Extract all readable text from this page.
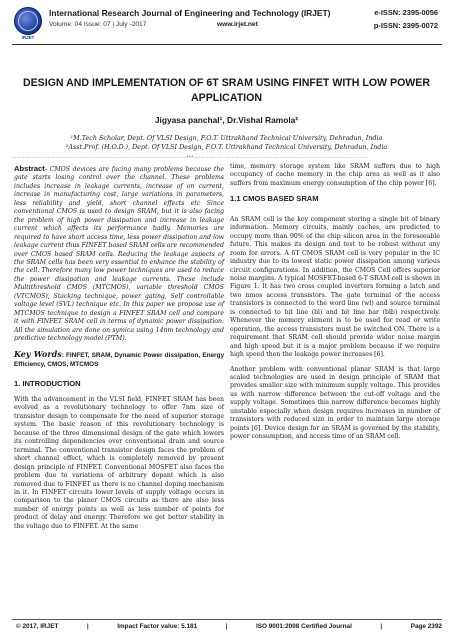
IRJET
International Research Journal of Engineering and Technology (IRJET)	e-ISSN: 2395-0056
Volume: 04 Issue: 07 | July -2017	www.irjet.net	p-ISSN: 2395-0072
DESIGN AND IMPLEMENTATION OF 6T SRAM USING FINFET WITH LOW POWER APPLICATION
Jigyasa panchal¹, Dr.Vishal Ramola²
¹M.Tech Scholar, Dept. Of VLSI Design, F.O.T. Uttrakhand Technical University, Dehradun, India
²Asst.Prof. (H.O.D.), Dept. Of VLSI Design, F.O.T. Uttrakhand Technical University, Dehradun, India
---------------------------------------------------------------------***---------------------------------------------------------------------

Abstract- CMOS devices are facing many problems because the gate starts losing control over the channel. These problems includes increase in leakage currents, increase of on current, increase in manufacturing cost, large variations in parameters, less reliability and yield, short channel effects etc Since conventional CMOS is used to design SRAM, but it is also facing the problem of high power dissipation and increase in leakage current which affects its performance badly. Memories are required to have short access time, less power dissipation and low leakage current thus FINFET based SRAM cells are recommended over CMOS based SRAM cells. Reducing the leakage aspects of the SRAM cells has been very essential to enhance the stability of the cell. Therefore many low power techniques are used to reduce the power dissipation and leakage currents. These include Multithreshold CMOS (MTCMOS), variable threshold CMOS (VTCMOS), Stacking technique, power gating, Self controllable voltage level (SVL) technique etc. In this paper we propose use of MTCMOS technique to design a FINFET SRAM cell and compare it with FINFET SRAM cell in terms of dynamic power dissipation. All the simulation are done on symica using 14nm technology and predictive technology model (PTM).

Key Words: FINFET, SRAM, Dynamic Power dissipation, Energy Efficiency, CMOS, MTCMOS

1. INTRODUCTION

With the advancement in the VLSI field, FINFET SRAM has been evolved as a revolutionary technology to offer 7nm size of transistor design to compensate for the need of superior storage system. The basic reason of this revolutionary technology is because of the three dimensional design of the gate which lowers its controlling dependencies over conventional drain and source terminal. The conventional transistor design faces the problem of short channel effect, which is completely removed by present design principle of FINFET. Conventional MOSFET also faces the problem due to variations of arbitrary dopant which is also removed due to FINFET as there is no channel doping mechanism in it. In FINFET circuits lower levels of supply voltage occurs in comparison to the planer CMOS circuits as there are also less number of energy points as well as less number of points for product of delay and energy. Therefore we get better stability in the voltage due to FINFET. At the same

time, memory storage system like SRAM suffers due to high occupancy of cache memory in the chip area as well as it also suffers from maximum energy consumption of the chip power [6].

1.1 CMOS BASED SRAM

An SRAM cell is the key component storing a single bit of binary information. Memory circuits, mainly caches, are predicted to occupy more than 90% of the chip silicon area in the foreseeable future. This makes its design and test to be robust without any room for errors. A 6T CMOS SRAM cell is very popular in the IC industry due to its lowest static power dissipation among various circuit configurations. In addition, the CMOS Cell offers superior noise margins. A typical MOSFET-based 6-T SRAM cell is shown in Figure 1. It has two cross coupled inverters forming a latch and two nmos access transistors. The gate terminal of the access transistors is connected to the word line (wl) and source terminal is connected to bit line (bl) and bit line bar (blb) respectively. Whenever the memory element is to be used for read or write operation, the access transistors must be switched ON. There is a requirement that SRAM cell should provide wider noise margin and high speed but it is a major problem because if we require high speed then the leakage power increases [6].

Another problem with conventional planar SRAM is that large scaled technologies are used in design principle of SRAM that provides smaller size with minimum supply voltage. This provides us with narrow difference between the cut-off voltage and the supply voltage. Sometimes this narrow difference becomes highly unstable especially when design requires increases in number of transistors with reduced size in order to maintain large storage points [6]. Device design for an SRAM is governed by the stability, power consumption, and access time of an SRAM cell.

© 2017, IRJET	|	Impact Factor value: 5.181	|	ISO 9001:2008 Certified Journal	|	Page 2392
